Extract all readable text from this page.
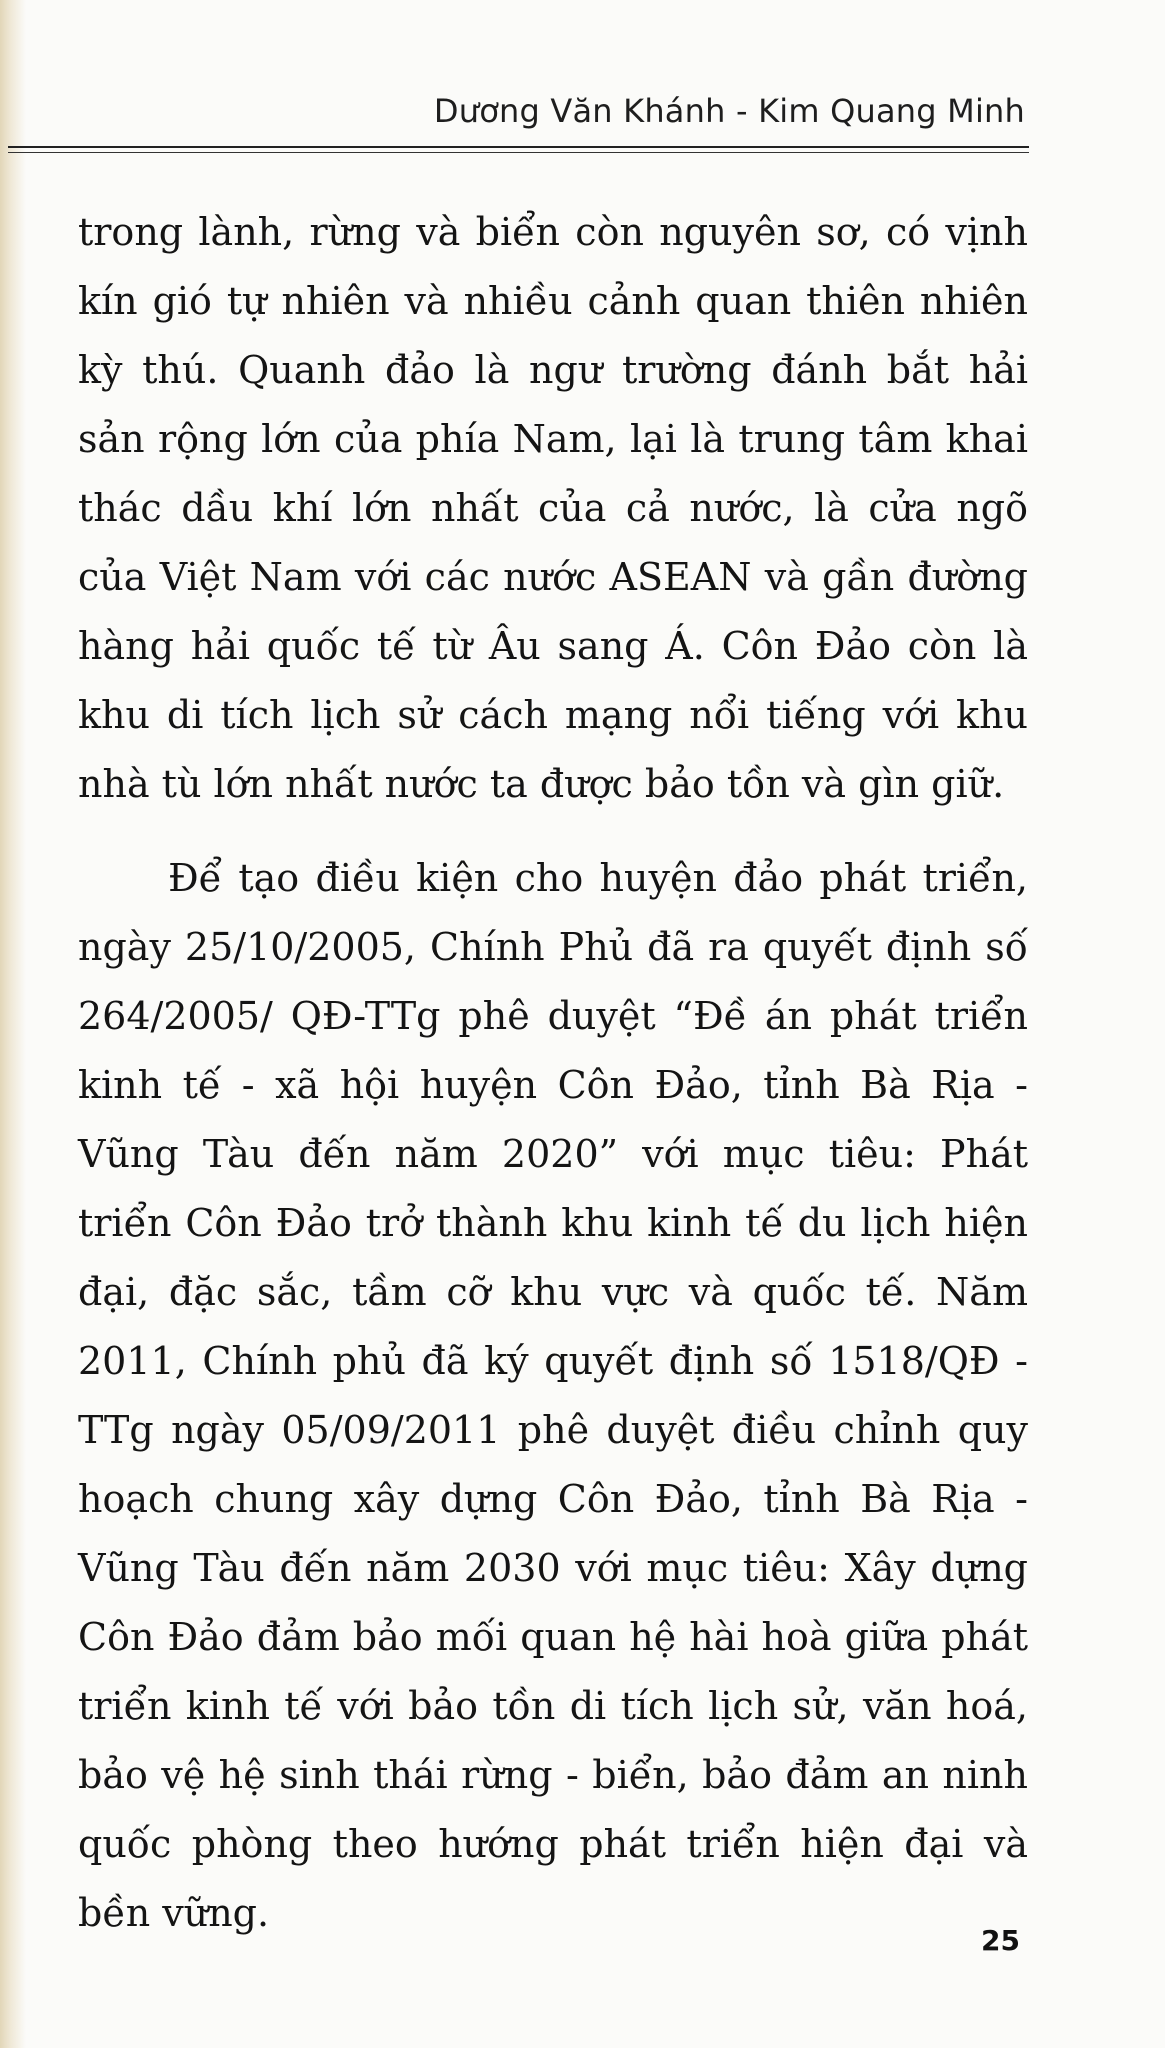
Dương Văn Khánh - Kim Quang Minh

trong lành, rừng và biển còn nguyên sơ, có vịnh kín gió tự nhiên và nhiều cảnh quan thiên nhiên kỳ thú. Quanh đảo là ngư trường đánh bắt hải sản rộng lớn của phía Nam, lại là trung tâm khai thác dầu khí lớn nhất của cả nước, là cửa ngõ của Việt Nam với các nước ASEAN và gần đường hàng hải quốc tế từ Âu sang Á. Côn Đảo còn là khu di tích lịch sử cách mạng nổi tiếng với khu nhà tù lớn nhất nước ta được bảo tồn và gìn giữ.

Để tạo điều kiện cho huyện đảo phát triển, ngày 25/10/2005, Chính Phủ đã ra quyết định số 264/2005/ QĐ-TTg phê duyệt “Đề án phát triển kinh tế - xã hội huyện Côn Đảo, tỉnh Bà Rịa - Vũng Tàu đến năm 2020” với mục tiêu: Phát triển Côn Đảo trở thành khu kinh tế du lịch hiện đại, đặc sắc, tầm cỡ khu vực và quốc tế. Năm 2011, Chính phủ đã ký quyết định số 1518/QĐ - TTg ngày 05/09/2011 phê duyệt điều chỉnh quy hoạch chung xây dựng Côn Đảo, tỉnh Bà Rịa - Vũng Tàu đến năm 2030 với mục tiêu: Xây dựng Côn Đảo đảm bảo mối quan hệ hài hoà giữa phát triển kinh tế với bảo tồn di tích lịch sử, văn hoá, bảo vệ hệ sinh thái rừng - biển, bảo đảm an ninh quốc phòng theo hướng phát triển hiện đại và bền vững.

25
